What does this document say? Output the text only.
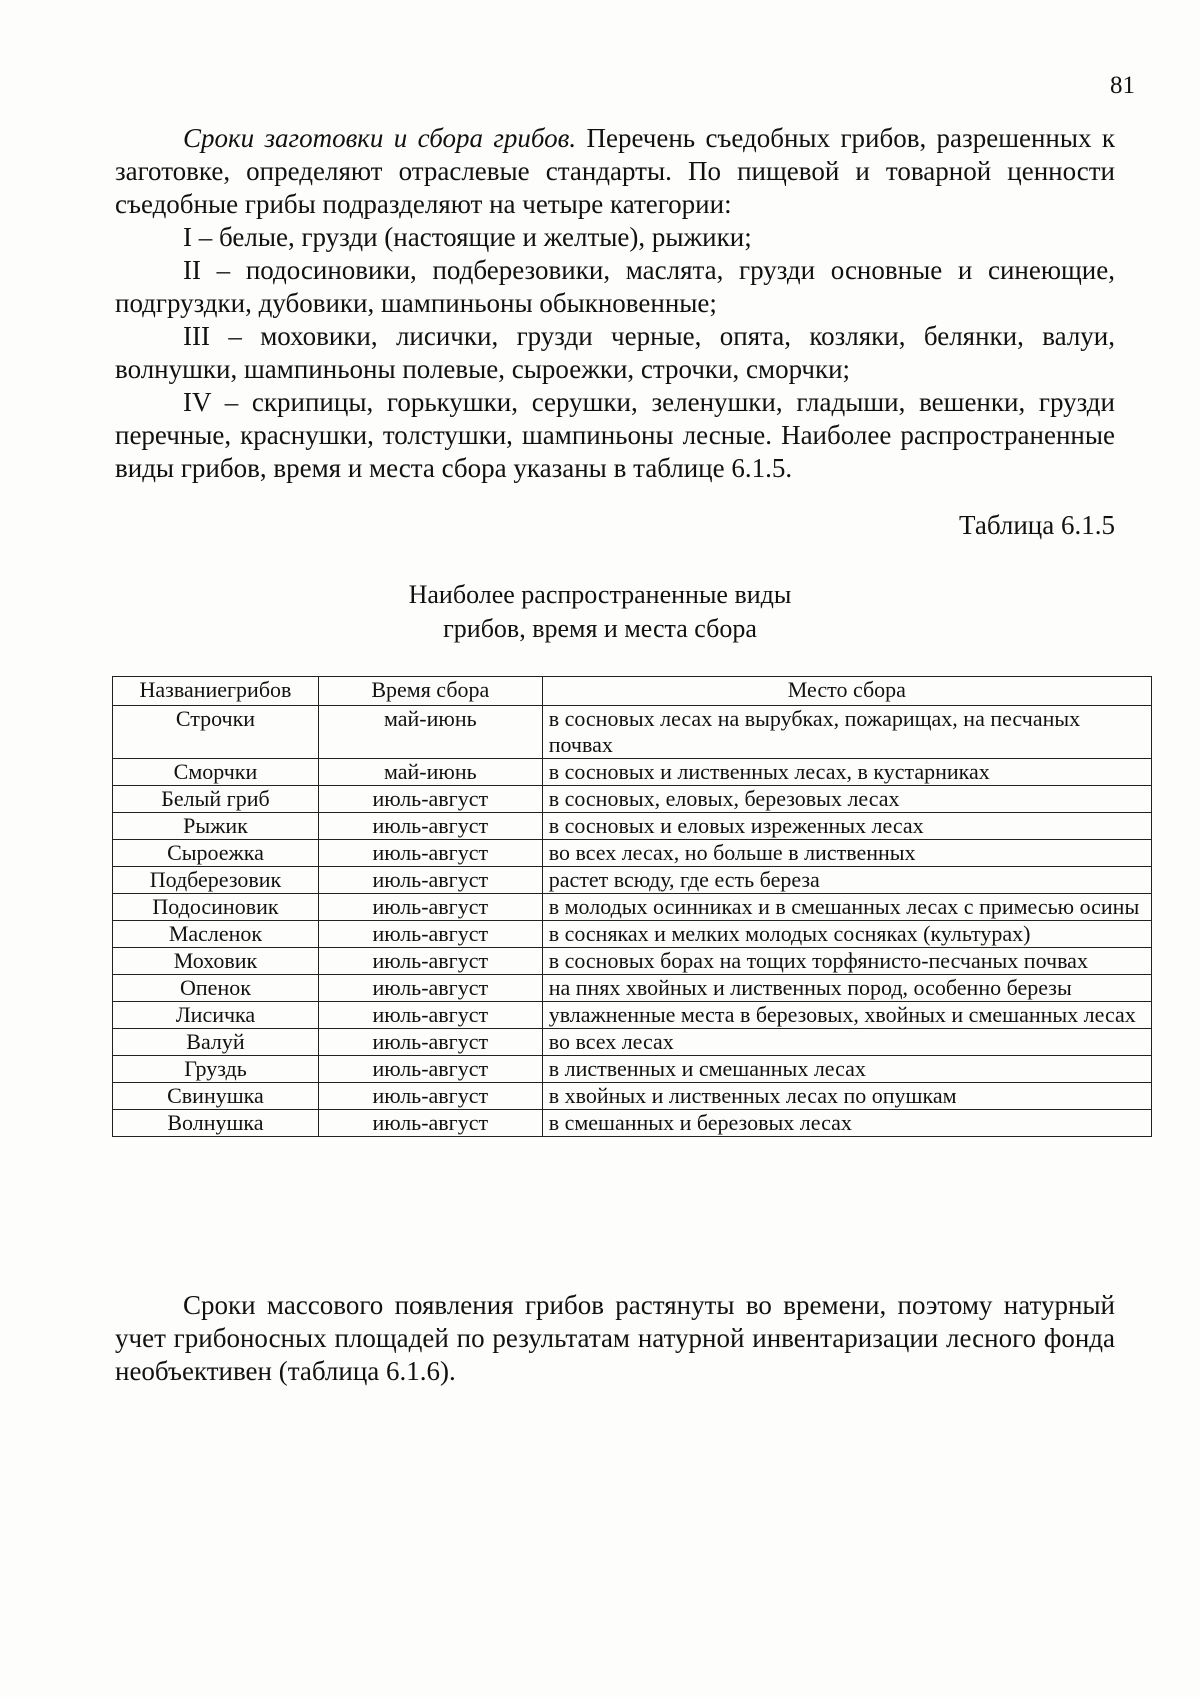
81

Сроки заготовки и сбора грибов. Перечень съедобных грибов, разрешенных к заготовке, определяют отраслевые стандарты. По пищевой и товарной ценности съедобные грибы подразделяют на четыре категории:

I – белые, грузди (настоящие и желтые), рыжики;

II – подосиновики, подберезовики, маслята, грузди основные и синеющие, подгруздки, дубовики, шампиньоны обыкновенные;

III – моховики, лисички, грузди черные, опята, козляки, белянки, валуи, волнушки, шампиньоны полевые, сыроежки, строчки, сморчки;

IV – скрипицы, горькушки, серушки, зеленушки, гладыши, вешенки, грузди перечные, краснушки, толстушки, шампиньоны лесные. Наиболее распространенные виды грибов, время и места сбора указаны в таблице 6.1.5.

Таблица 6.1.5
Наиболее распространенные виды
грибов, время и места сбора
Названиегрибов	Время сбора	Место сбора
Строчки	май-июнь	в сосновых лесах на вырубках, пожарищах, на песчаных почвах
Сморчки	май-июнь	в сосновых и лиственных лесах, в кустарниках
Белый гриб	июль-август	в сосновых, еловых, березовых лесах
Рыжик	июль-август	в сосновых и еловых изреженных лесах
Сыроежка	июль-август	во всех лесах, но больше в лиственных
Подберезовик	июль-август	растет всюду, где есть береза
Подосиновик	июль-август	в молодых осинниках и в смешанных лесах с примесью осины
Масленок	июль-август	в сосняках и мелких молодых сосняках (культурах)
Моховик	июль-август	в сосновых борах на тощих торфянисто-песчаных почвах
Опенок	июль-август	на пнях хвойных и лиственных пород, особенно березы
Лисичка	июль-август	увлажненные места в березовых, хвойных и смешанных лесах
Валуй	июль-август	во всех лесах
Груздь	июль-август	в лиственных и смешанных лесах
Свинушка	июль-август	в хвойных и лиственных лесах по опушкам
Волнушка	июль-август	в смешанных и березовых лесах

Сроки массового появления грибов растянуты во времени, поэтому натурный учет грибоносных площадей по результатам натурной инвентаризации лесного фонда необъективен (таблица 6.1.6).
